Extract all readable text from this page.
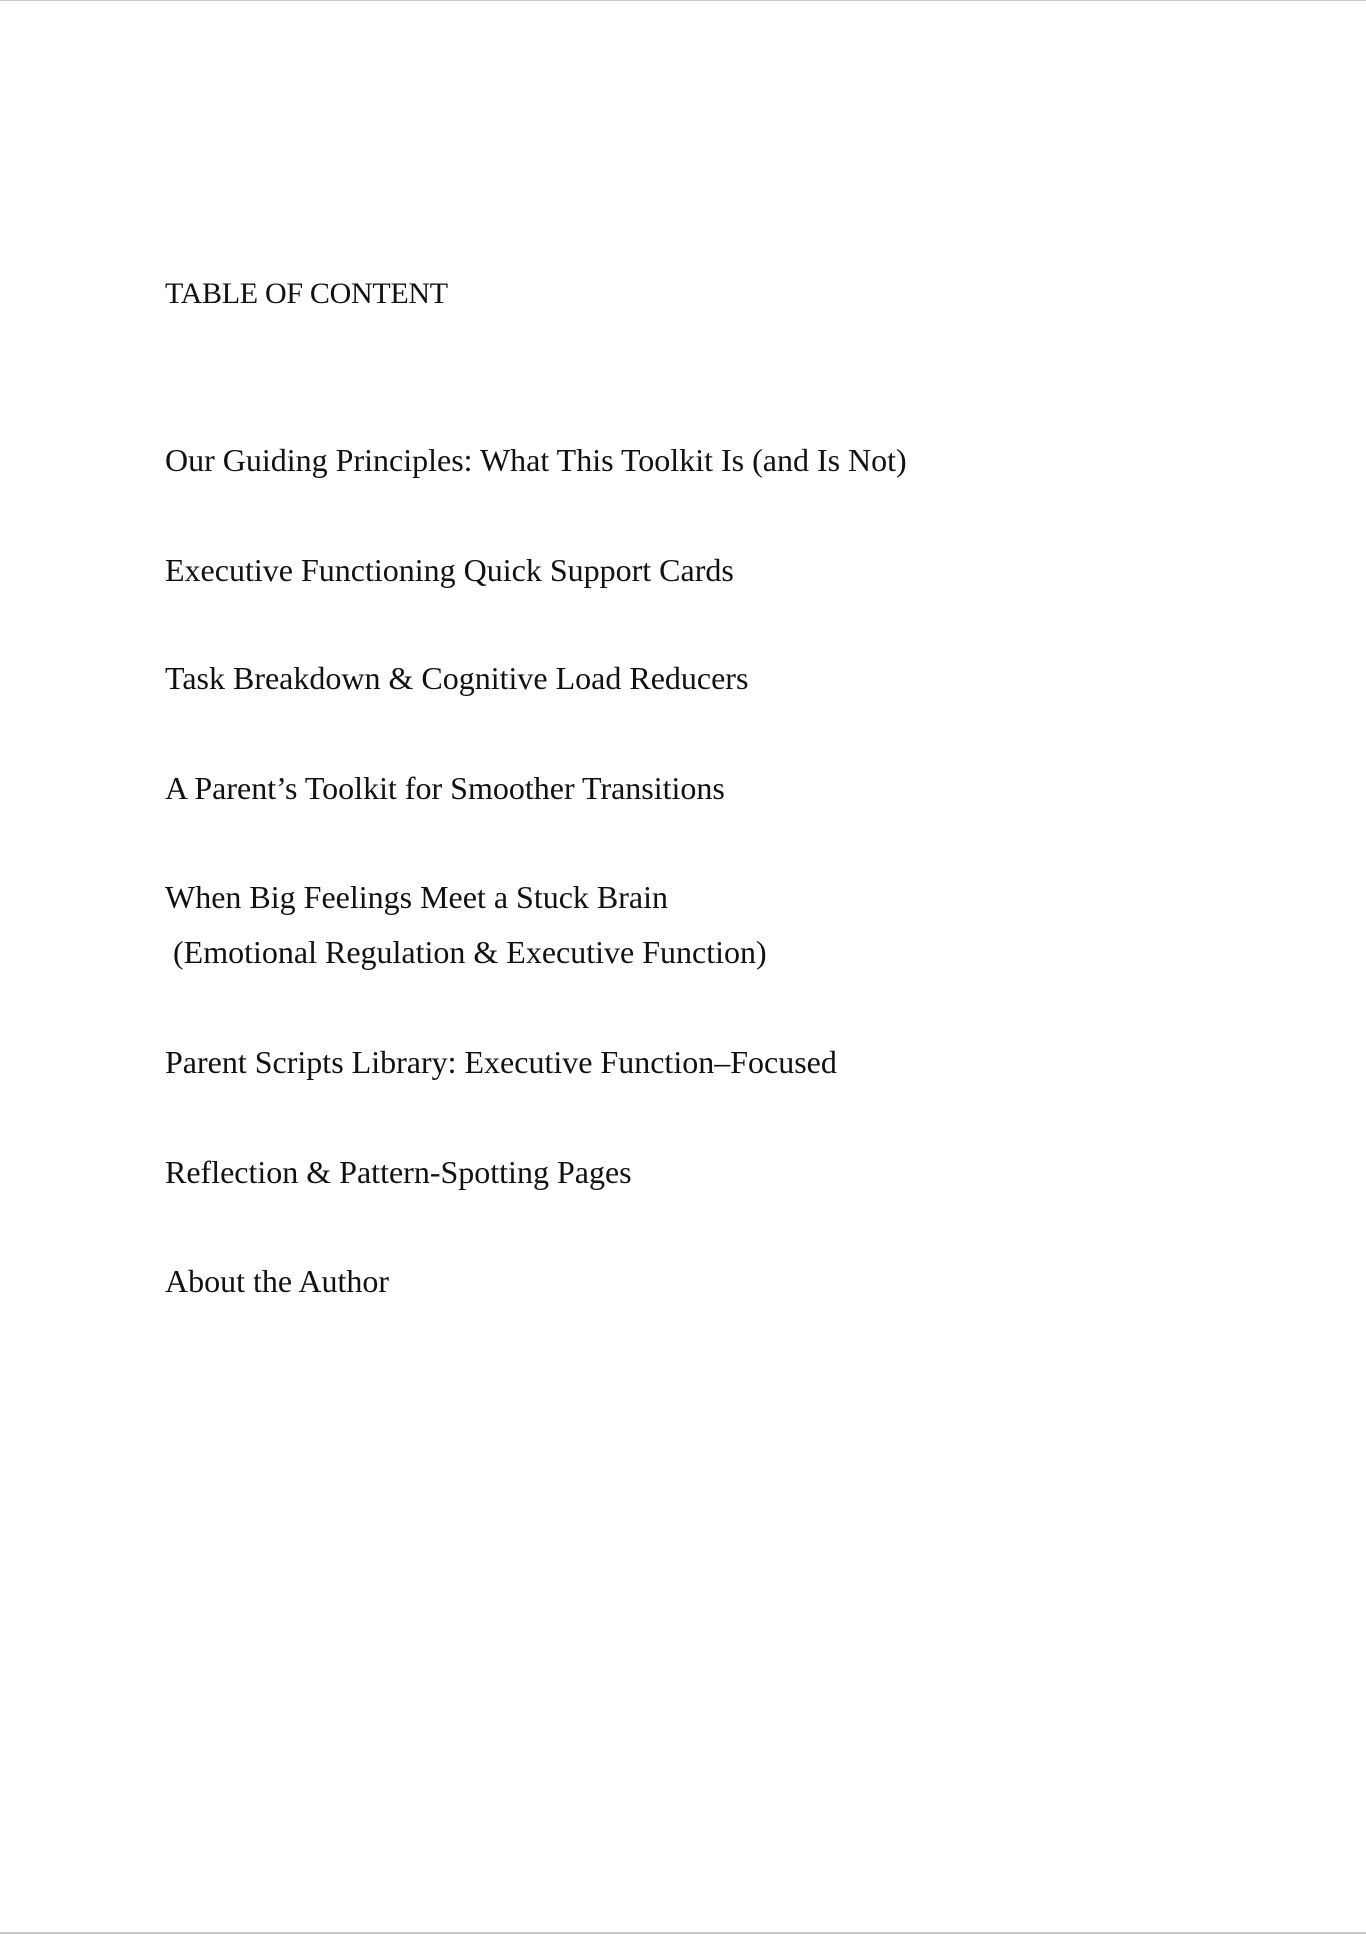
TABLE OF CONTENT
Our Guiding Principles: What This Toolkit Is (and Is Not)
Executive Functioning Quick Support Cards
Task Breakdown & Cognitive Load Reducers
A Parent’s Toolkit for Smoother Transitions
When Big Feelings Meet a Stuck Brain
(Emotional Regulation & Executive Function)
Parent Scripts Library: Executive Function–Focused
Reflection & Pattern-Spotting Pages
About the Author
